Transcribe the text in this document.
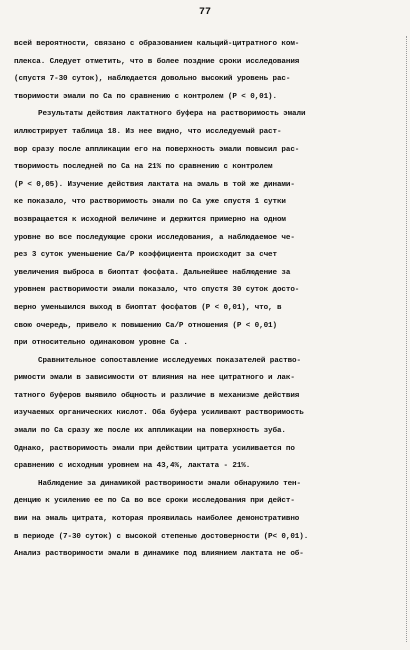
77
всей вероятности, связано с образованием кальций-цитратного ком-
плекса. Следует отметить, что в более поздние сроки исследования
(спустя 7-30 суток), наблюдается довольно высокий уровень рас-
творимости эмали по Ca по сравнению с контролем (P < 0,01).
Результаты действия лактатного буфера на растворимость эмали
иллюстрирует таблица 18. Из нее видно, что исследуемый раст-
вор сразу после аппликации его на поверхность эмали повысил рас-
творимость последней по Ca на 21% по сравнению с контролем
(P < 0,05). Изучение действия лактата на эмаль в той же динами-
ке показало, что растворимость эмали по Ca уже спустя 1 сутки
возвращается к исходной величине и держится примерно на одном
уровне во все последующие сроки исследования, а наблюдаемое че-
рез 3 суток уменьшение Ca/P коэффициента происходит за счет
увеличения выброса в биоптат фосфата. Дальнейшее наблюдение за
уровнем растворимости эмали показало, что спустя 30 суток досто-
верно уменьшился выход в биоптат фосфатов (P < 0,01), что, в
свою очередь, привело к повышению Ca/P отношения (P < 0,01)
при относительно одинаковом уровне Ca .
Сравнительное сопоставление исследуемых показателей раство-
римости эмали в зависимости от влияния на нее цитратного и лак-
татного буферов выявило общность и различие в механизме действия
изучаемых органических кислот. Оба буфера усиливают растворимость
эмали по Ca сразу же после их аппликации на поверхность зуба.
Однако, растворимость эмали при действии цитрата усиливается по
сравнению с исходным уровнем на 43,4%, лактата - 21%.
Наблюдение за динамикой растворимости эмали обнаружило тен-
денцию к усилению ее по Ca во все сроки исследования при дейст-
вии на эмаль цитрата, которая проявилась наиболее демонстративно
в периоде (7-30 суток) с высокой степенью достоверности (P< 0,01).
Анализ растворимости эмали в динамике под влиянием лактата не об-
